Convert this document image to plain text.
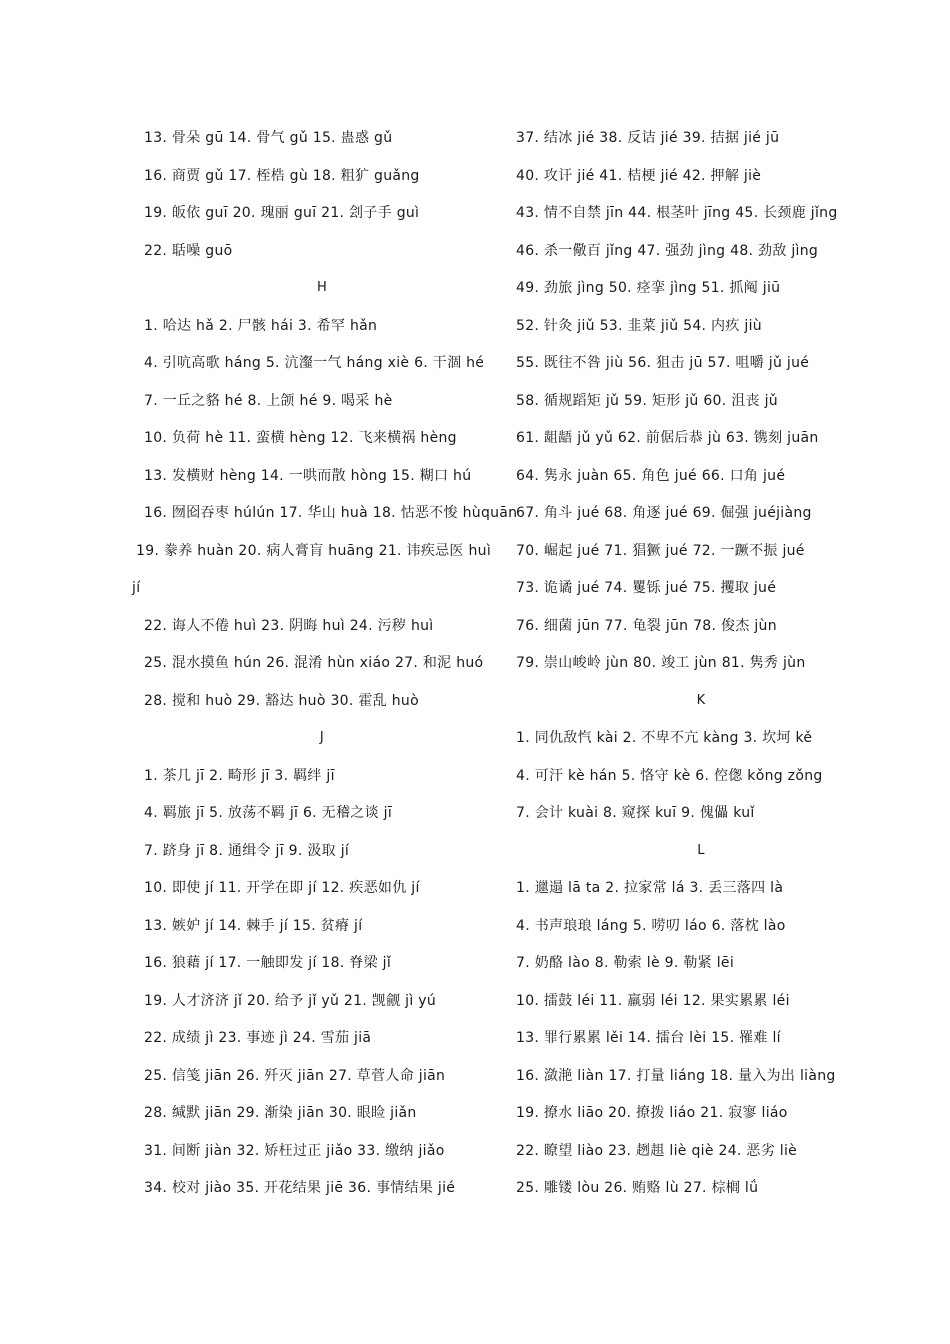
13. 骨朵 gū 14. 骨气 gǔ 15. 蛊惑 gǔ
16. 商贾 gǔ 17. 桎梏 gù 18. 粗犷 guǎng
19. 皈依 guī 20. 瑰丽 guī 21. 刽子手 guì
22. 聒噪 guō
H
1. 哈达 hǎ 2. 尸骸 hái 3. 希罕 hǎn
4. 引吭高歌 háng 5. 沆瀣一气 háng xiè 6. 干涸 hé
7. 一丘之貉 hé 8. 上颌 hé 9. 喝采 hè
10. 负荷 hè 11. 蛮横 hèng 12. 飞来横祸 hèng
13. 发横财 hèng 14. 一哄而散 hòng 15. 糊口 hú
16. 囫囵吞枣 húlún 17. 华山 huà 18. 怙恶不悛 hùquān
19. 豢养 huàn 20. 病人膏肓 huāng 21. 讳疾忌医 huì
jí
22. 诲人不倦 huì 23. 阴晦 huì 24. 污秽 huì
25. 混水摸鱼 hún 26. 混淆 hùn xiáo 27. 和泥 huó
28. 搅和 huò 29. 豁达 huò 30. 霍乱 huò
J
1. 茶几 jī 2. 畸形 jī 3. 羁绊 jī
4. 羁旅 jī 5. 放荡不羁 jī 6. 无稽之谈 jī
7. 跻身 jī 8. 通缉令 jī 9. 汲取 jí
10. 即使 jí 11. 开学在即 jí 12. 疾恶如仇 jí
13. 嫉妒 jí 14. 棘手 jí 15. 贫瘠 jí
16. 狼藉 jí 17. 一触即发 jí 18. 脊梁 jǐ
19. 人才济济 jǐ 20. 给予 jǐ yǔ 21. 觊觎 jì yú
22. 成绩 jì 23. 事迹 jì 24. 雪茄 jiā
25. 信笺 jiān 26. 歼灭 jiān 27. 草菅人命 jiān
28. 缄默 jiān 29. 渐染 jiān 30. 眼睑 jiǎn
31. 间断 jiàn 32. 矫枉过正 jiǎo 33. 缴纳 jiǎo
34. 校对 jiào 35. 开花结果 jiē 36. 事情结果 jié
37. 结冰 jié 38. 反诘 jié 39. 拮据 jié jū
40. 攻讦 jié 41. 桔梗 jié 42. 押解 jiè
43. 情不自禁 jīn 44. 根茎叶 jīng 45. 长颈鹿 jǐng
46. 杀一儆百 jǐng 47. 强劲 jìng 48. 劲敌 jìng
49. 劲旅 jìng 50. 痉挛 jìng 51. 抓阄 jiū
52. 针灸 jiǔ 53. 韭菜 jiǔ 54. 内疚 jiù
55. 既往不咎 jiù 56. 狙击 jū 57. 咀嚼 jǔ jué
58. 循规蹈矩 jǔ 59. 矩形 jǔ 60. 沮丧 jǔ
61. 龃龉 jǔ yǔ 62. 前倨后恭 jù 63. 镌刻 juān
64. 隽永 juàn 65. 角色 jué 66. 口角 jué
67. 角斗 jué 68. 角逐 jué 69. 倔强 juéjiàng
70. 崛起 jué 71. 猖獗 jué 72. 一蹶不振 jué
73. 诡谲 jué 74. 矍铄 jué 75. 攫取 jué
76. 细菌 jūn 77. 龟裂 jūn 78. 俊杰 jùn
79. 崇山峻岭 jùn 80. 竣工 jùn 81. 隽秀 jùn
K
1. 同仇敌忾 kài 2. 不卑不亢 kàng 3. 坎坷 kě
4. 可汗 kè hán 5. 恪守 kè 6. 倥偬 kǒng zǒng
7. 会计 kuài 8. 窥探 kuī 9. 傀儡 kuǐ
L
1. 邋遢 lā ta 2. 拉家常 lá 3. 丢三落四 là
4. 书声琅琅 láng 5. 唠叨 láo 6. 落枕 lào
7. 奶酪 lào 8. 勒索 lè 9. 勒紧 lēi
10. 擂鼓 léi 11. 羸弱 léi 12. 果实累累 léi
13. 罪行累累 lěi 14. 擂台 lèi 15. 罹难 lí
16. 潋滟 liàn 17. 打量 liáng 18. 量入为出 liàng
19. 撩水 liāo 20. 撩拨 liáo 21. 寂寥 liáo
22. 瞭望 liào 23. 趔趄 liè qiè 24. 恶劣 liè
25. 雕镂 lòu 26. 贿赂 lù 27. 棕榈 lǘ
